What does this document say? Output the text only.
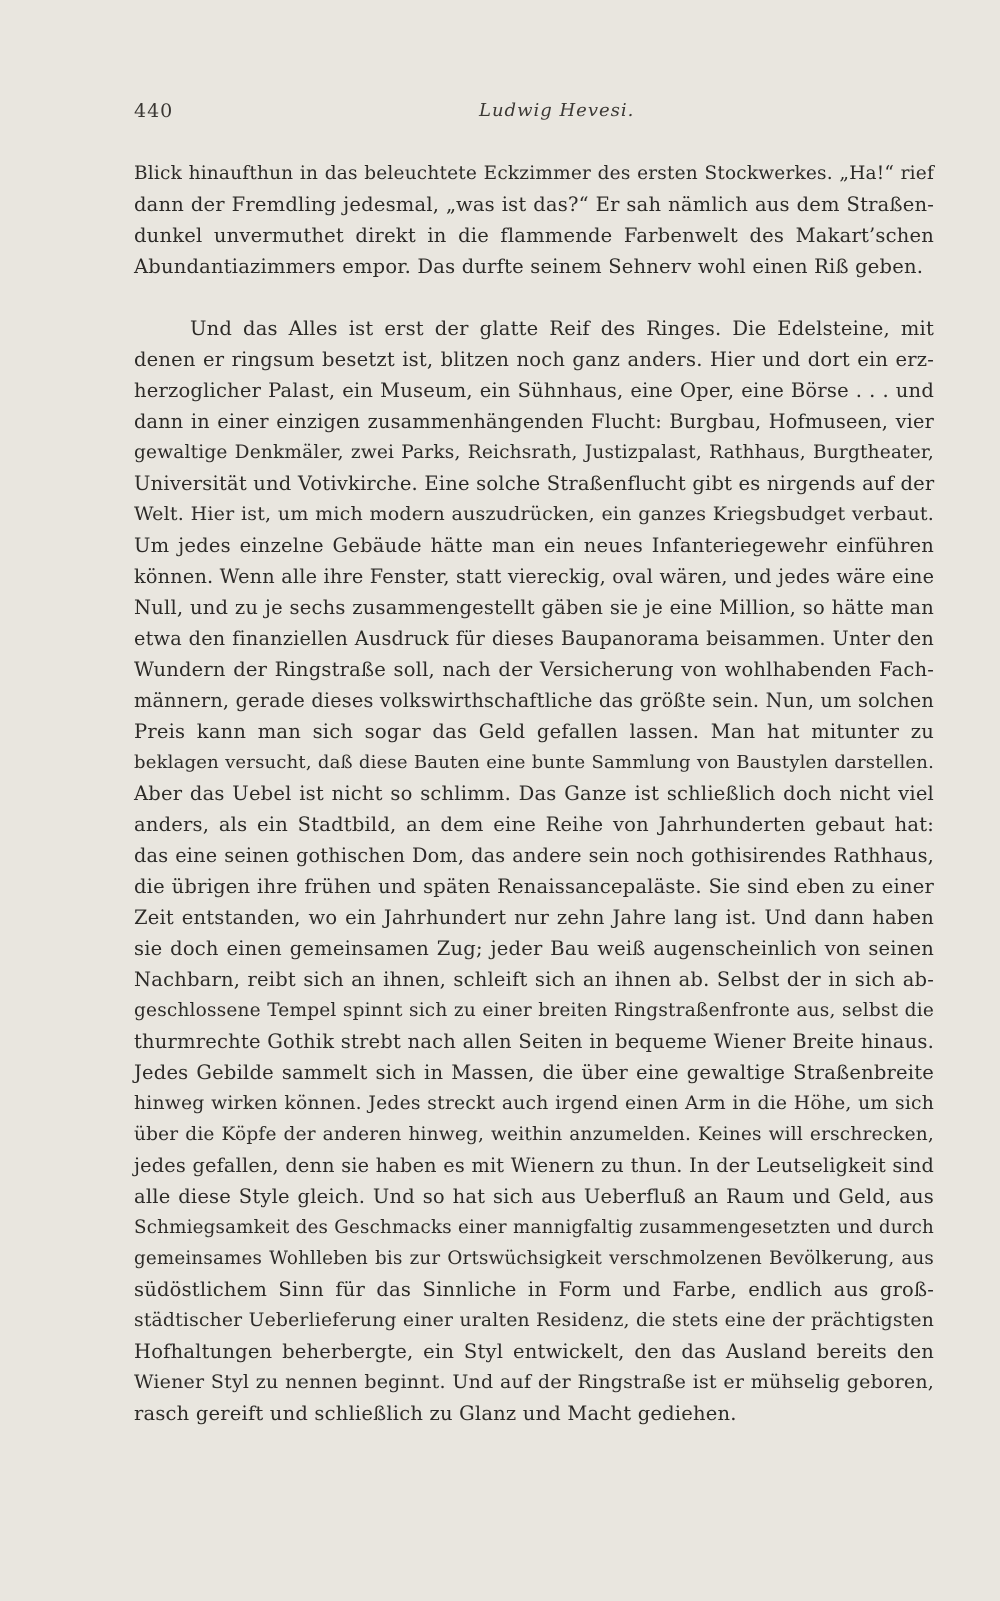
440	Ludwig Hevesi.
Blick hinaufthun in das beleuchtete Eckzimmer des ersten Stockwerkes. „Ha!“ rief
dann der Fremdling jedesmal, „was ist das?“ Er sah nämlich aus dem Straßen-
dunkel unvermuthet direkt in die flammende Farbenwelt des Makart’schen
Abundantiazimmers empor. Das durfte seinem Sehnerv wohl einen Riß geben.
Und das Alles ist erst der glatte Reif des Ringes. Die Edelsteine, mit
denen er ringsum besetzt ist, blitzen noch ganz anders. Hier und dort ein erz-
herzoglicher Palast, ein Museum, ein Sühnhaus, eine Oper, eine Börse . . . und
dann in einer einzigen zusammenhängenden Flucht: Burgbau, Hofmuseen, vier
gewaltige Denkmäler, zwei Parks, Reichsrath, Justizpalast, Rathhaus, Burgtheater,
Universität und Votivkirche. Eine solche Straßenflucht gibt es nirgends auf der
Welt. Hier ist, um mich modern auszudrücken, ein ganzes Kriegsbudget verbaut.
Um jedes einzelne Gebäude hätte man ein neues Infanteriegewehr einführen
können. Wenn alle ihre Fenster, statt viereckig, oval wären, und jedes wäre eine
Null, und zu je sechs zusammengestellt gäben sie je eine Million, so hätte man
etwa den finanziellen Ausdruck für dieses Baupanorama beisammen. Unter den
Wundern der Ringstraße soll, nach der Versicherung von wohlhabenden Fach-
männern, gerade dieses volkswirthschaftliche das größte sein. Nun, um solchen
Preis kann man sich sogar das Geld gefallen lassen. Man hat mitunter zu
beklagen versucht, daß diese Bauten eine bunte Sammlung von Baustylen darstellen.
Aber das Uebel ist nicht so schlimm. Das Ganze ist schließlich doch nicht viel
anders, als ein Stadtbild, an dem eine Reihe von Jahrhunderten gebaut hat:
das eine seinen gothischen Dom, das andere sein noch gothisirendes Rathhaus,
die übrigen ihre frühen und späten Renaissancepaläste. Sie sind eben zu einer
Zeit entstanden, wo ein Jahrhundert nur zehn Jahre lang ist. Und dann haben
sie doch einen gemeinsamen Zug; jeder Bau weiß augenscheinlich von seinen
Nachbarn, reibt sich an ihnen, schleift sich an ihnen ab. Selbst der in sich ab-
geschlossene Tempel spinnt sich zu einer breiten Ringstraßenfronte aus, selbst die
thurmrechte Gothik strebt nach allen Seiten in bequeme Wiener Breite hinaus.
Jedes Gebilde sammelt sich in Massen, die über eine gewaltige Straßenbreite
hinweg wirken können. Jedes streckt auch irgend einen Arm in die Höhe, um sich
über die Köpfe der anderen hinweg, weithin anzumelden. Keines will erschrecken,
jedes gefallen, denn sie haben es mit Wienern zu thun. In der Leutseligkeit sind
alle diese Style gleich. Und so hat sich aus Ueberfluß an Raum und Geld, aus
Schmiegsamkeit des Geschmacks einer mannigfaltig zusammengesetzten und durch
gemeinsames Wohlleben bis zur Ortswüchsigkeit verschmolzenen Bevölkerung, aus
südöstlichem Sinn für das Sinnliche in Form und Farbe, endlich aus groß-
städtischer Ueberlieferung einer uralten Residenz, die stets eine der prächtigsten
Hofhaltungen beherbergte, ein Styl entwickelt, den das Ausland bereits den
Wiener Styl zu nennen beginnt. Und auf der Ringstraße ist er mühselig geboren,
rasch gereift und schließlich zu Glanz und Macht gediehen.
